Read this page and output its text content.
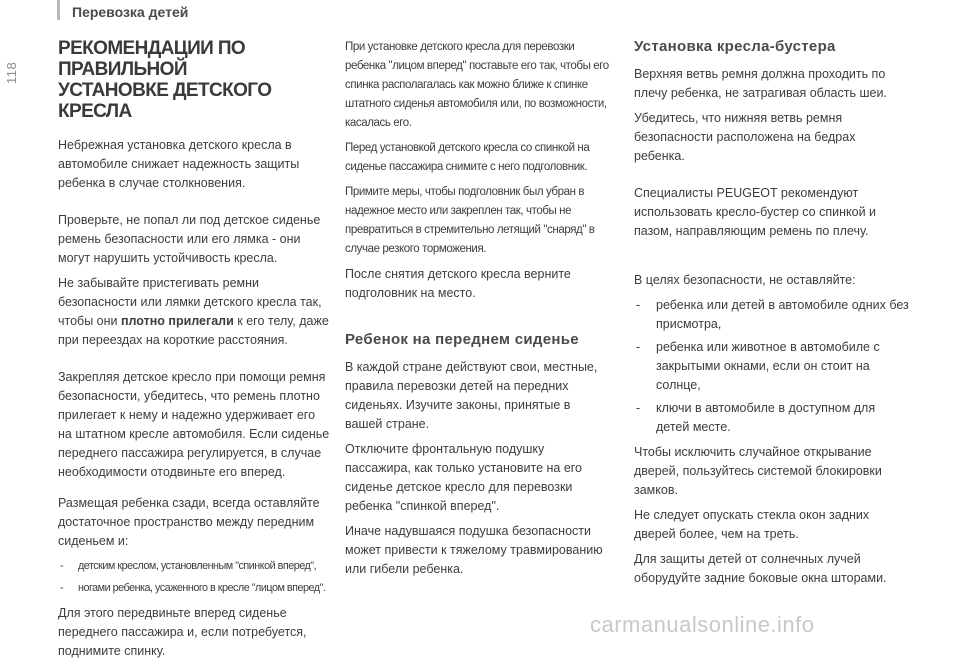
Перевозка детей
118
РЕКОМЕНДАЦИИ ПО ПРАВИЛЬНОЙ
УСТАНОВКЕ ДЕТСКОГО КРЕСЛА

Небрежная установка детского кресла в автомобиле снижает надежность защиты ребенка в случае столкновения.

Проверьте, не попал ли под детское сиденье ремень безопасности или его лямка - они могут нарушить устойчивость кресла.

Не забывайте пристегивать ремни безопасности или лямки детского кресла так, чтобы они плотно прилегали к его телу, даже при переездах на короткие расстояния.

Закрепляя детское кресло при помощи ремня безопасности, убедитесь, что ремень плотно прилегает к нему и надежно удерживает его на штатном кресле автомобиля. Если сиденье переднего пассажира регулируется, в случае необходимости отодвиньте его вперед.

Размещая ребенка сзади, всегда оставляйте достаточное пространство между передним сиденьем и:

- детским креслом, установленным "спинкой вперед",
- ногами ребенка, усаженного в кресле "лицом вперед".

Для этого передвиньте вперед сиденье переднего пассажира и, если потребуется, поднимите спинку.

При установке детского кресла для перевозки ребенка "лицом вперед" поставьте его так, чтобы его спинка располагалась как можно ближе к спинке штатного сиденья автомобиля или, по возможности, касалась его.

Перед установкой детского кресла со спинкой на сиденье пассажира снимите с него подголовник.

Примите меры, чтобы подголовник был убран в надежное место или закреплен так, чтобы не превратиться в стремительно летящий "снаряд" в случае резкого торможения.

После снятия детского кресла верните подголовник на место.

Ребенок на переднем сиденье

В каждой стране действуют свои, местные, правила перевозки детей на передних сиденьях. Изучите законы, принятые в вашей стране.

Отключите фронтальную подушку пассажира, как только установите на его сиденье детское кресло для перевозки ребенка "спинкой вперед".

Иначе надувшаяся подушка безопасности может привести к тяжелому травмированию или гибели ребенка.

Установка кресла-бустера

Верхняя ветвь ремня должна проходить по плечу ребенка, не затрагивая область шеи.

Убедитесь, что нижняя ветвь ремня безопасности расположена на бедрах ребенка.

Специалисты PEUGEOT рекомендуют использовать кресло-бустер со спинкой и пазом, направляющим ремень по плечу.

В целях безопасности, не оставляйте:

- ребенка или детей в автомобиле одних без присмотра,
- ребенка или животное в автомобиле с закрытыми окнами, если он стоит на солнце,
- ключи в автомобиле в доступном для детей месте.

Чтобы исключить случайное открывание дверей, пользуйтесь системой блокировки замков.

Не следует опускать стекла окон задних дверей более, чем на треть.

Для защиты детей от солнечных лучей оборудуйте задние боковые окна шторами.

carmanualsonline.info
